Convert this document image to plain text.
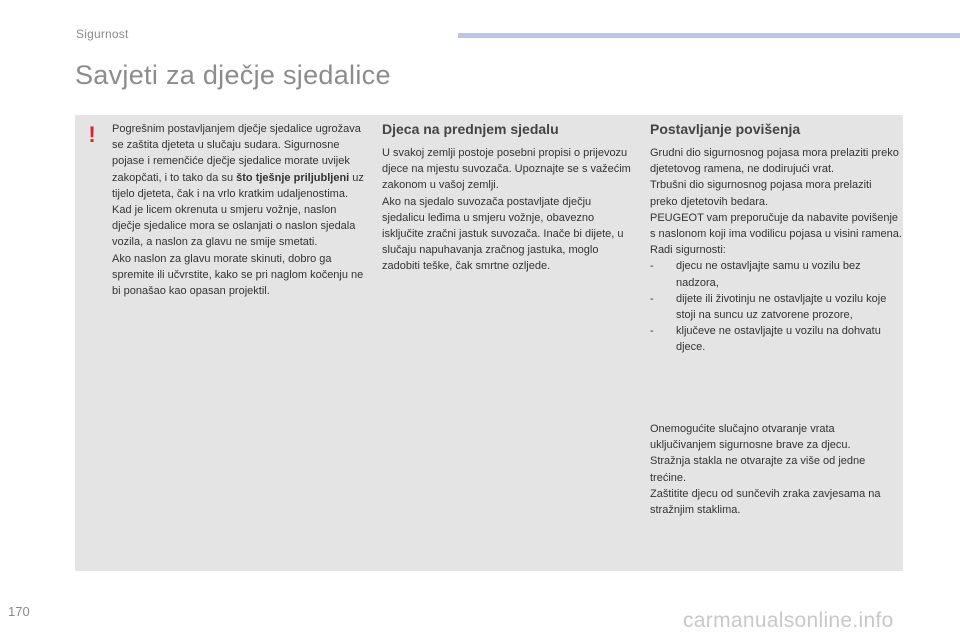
Sigurnost
Savjeti za dječje sjedalice
! Pogrešnim postavljanjem dječje sjedalice ugrožava se zaštita djeteta u slučaju sudara. Sigurnosne pojase i remenčiće dječje sjedalice morate uvijek zakopčati, i to tako da su što tješnje priljubljeni uz tijelo djeteta, čak i na vrlo kratkim udaljenostima. Kad je licem okrenuta u smjeru vožnje, naslon dječje sjedalice mora se oslanjati o naslon sjedala vozila, a naslon za glavu ne smije smetati.

Ako naslon za glavu morate skinuti, dobro ga spremite ili učvrstite, kako se pri naglom kočenju ne bi ponašao kao opasan projektil.

Djeca na prednjem sjedalu

U svakoj zemlji postoje posebni propisi o prijevozu djece na mjestu suvozača. Upoznajte se s važećim zakonom u vašoj zemlji.

Ako na sjedalo suvozača postavljate dječju sjedalicu leđima u smjeru vožnje, obavezno isključite zračni jastuk suvozača. Inače bi dijete, u slučaju napuhavanja zračnog jastuka, moglo zadobiti teške, čak smrtne ozljede.

Postavljanje povišenja

Grudni dio sigurnosnog pojasa mora prelaziti preko djetetovog ramena, ne dodirujući vrat.

Trbušni dio sigurnosnog pojasa mora prelaziti preko djetetovih bedara.

PEUGEOT vam preporučuje da nabavite povišenje s naslonom koji ima vodilicu pojasa u visini ramena.

Radi sigurnosti:

- djecu ne ostavljajte samu u vozilu bez nadzora,
- dijete ili životinju ne ostavljajte u vozilu koje stoji na suncu uz zatvorene prozore,
- ključeve ne ostavljajte u vozilu na dohvatu djece.

Onemogućite slučajno otvaranje vrata uključivanjem sigurnosne brave za djecu.

Stražnja stakla ne otvarajte za više od jedne trećine.

Zaštitite djecu od sunčevih zraka zavjesama na stražnjim staklima.

170	carmanualsonline.info
